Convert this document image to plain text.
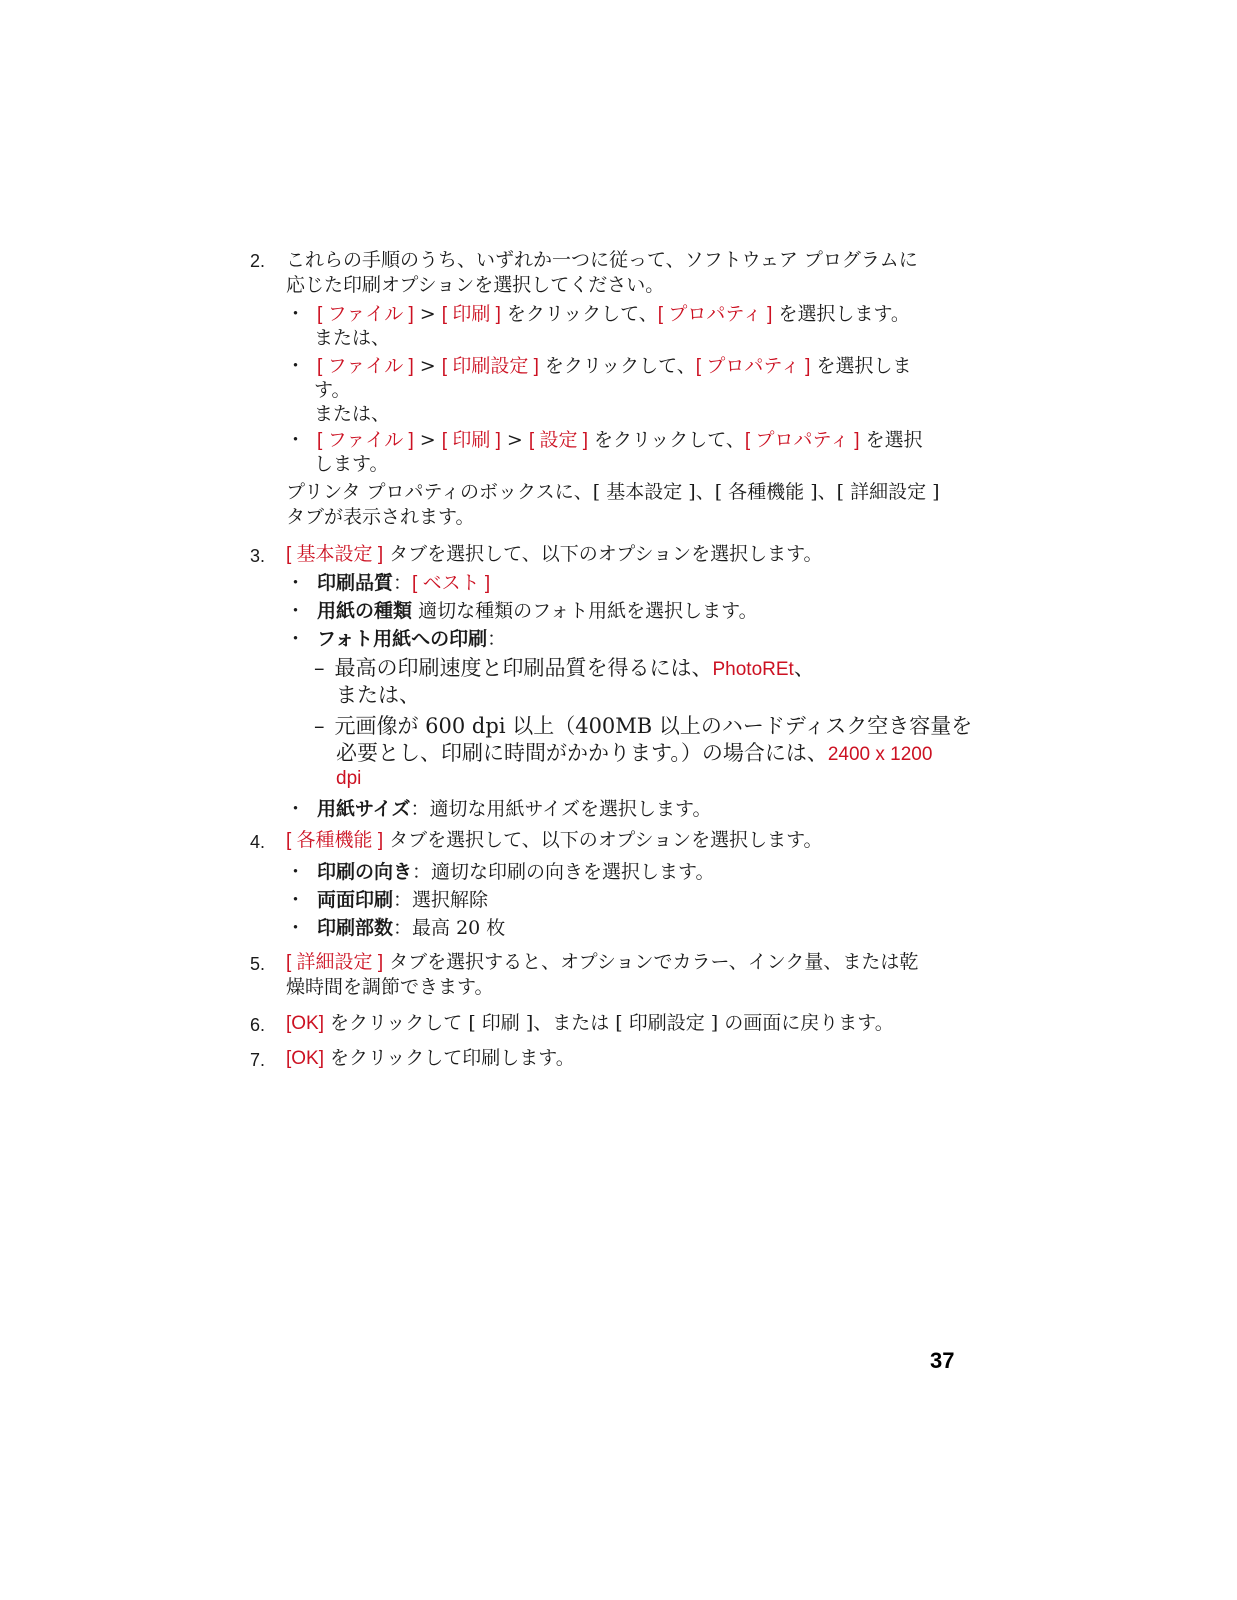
2. これらの手順のうち、いずれか一つに従って、ソフトウェア プログラムに
応じた印刷オプションを選択してください。
・ [ ファイル ] > [ 印刷 ] をクリックして、[ プロパティ ] を選択します。
または、
・ [ ファイル ] > [ 印刷設定 ] をクリックして、[ プロパティ ] を選択しま
す。
または、
・ [ ファイル ] > [ 印刷 ] > [ 設定 ] をクリックして、[ プロパティ ] を選択
します。
プリンタ プロパティのボックスに、[ 基本設定 ]、[ 各種機能 ]、[ 詳細設定 ]
タブが表示されます。
3. [ 基本設定 ] タブを選択して、以下のオプションを選択します。
・ 印刷品質：[ ベスト ]
・ 用紙の種類 適切な種類のフォト用紙を選択します。
・ フォト用紙への印刷：
– 最高の印刷速度と印刷品質を得るには、PhotoREt、
または、
– 元画像が 600 dpi 以上（400MB 以上のハードディスク空き容量を
必要とし、印刷に時間がかかります。）の場合には、2400 x 1200
dpi
・ 用紙サイズ：適切な用紙サイズを選択します。
4. [ 各種機能 ] タブを選択して、以下のオプションを選択します。
・ 印刷の向き：適切な印刷の向きを選択します。
・ 両面印刷：選択解除
・ 印刷部数：最高 20 枚
5. [ 詳細設定 ] タブを選択すると、オプションでカラー、インク量、または乾
燥時間を調節できます。
6. [OK] をクリックして [ 印刷 ]、または [ 印刷設定 ] の画面に戻ります。
7. [OK] をクリックして印刷します。
37
